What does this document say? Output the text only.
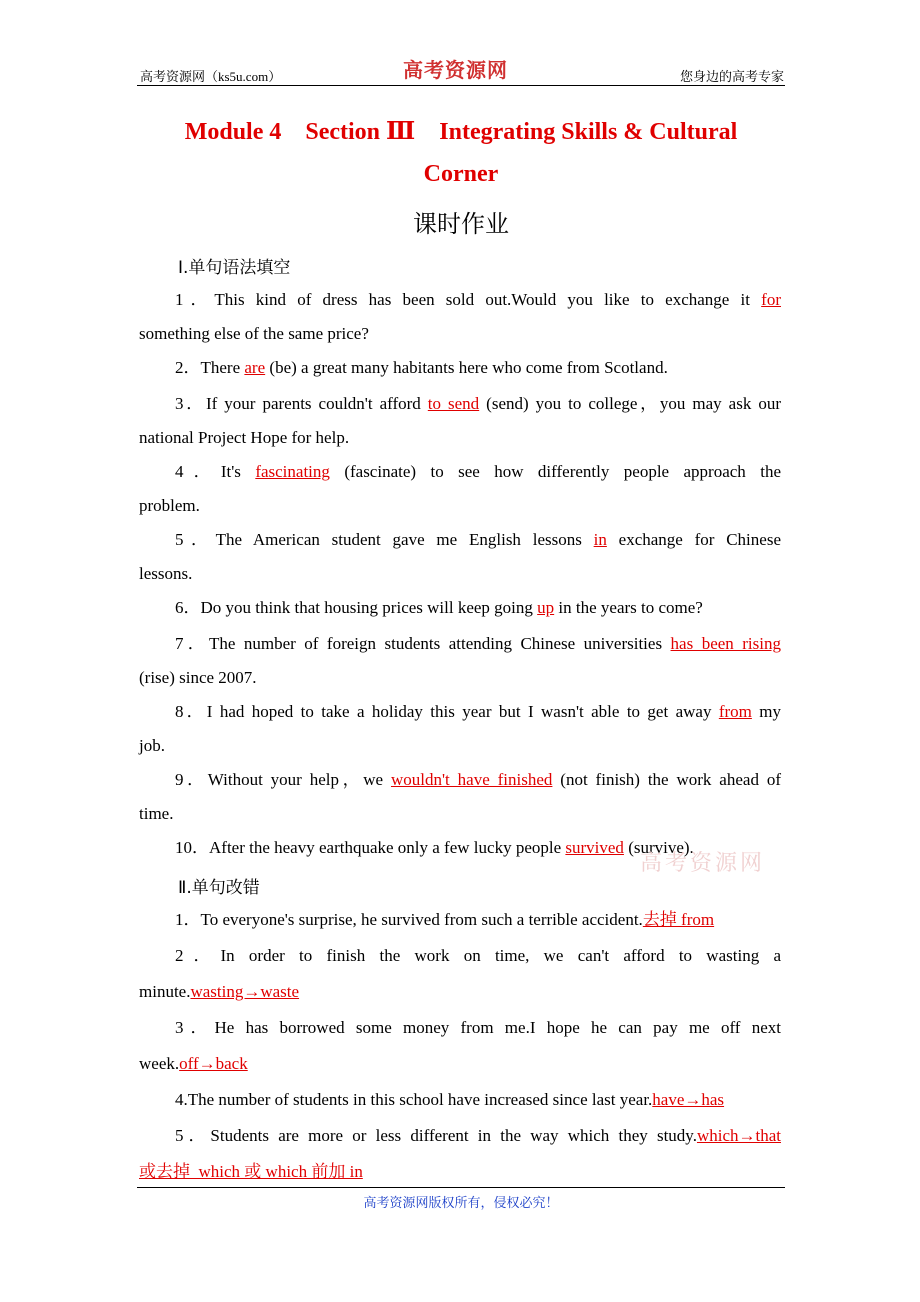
高考资源网（ks5u.com）	高考资源网	您身边的高考专家
Module 4    Section Ⅲ    Integrating Skills & Cultural
Corner
课时作业
Ⅰ.单句语法填空
1．This kind of dress has been sold out.Would you like to exchange it for
something else of the same price?
2．There are (be) a great many habitants here who come from Scotland.
3．If your parents couldn't afford to send (send) you to college，you may ask our
national Project Hope for help.
4．It's fascinating (fascinate) to see how differently people approach the
problem.
5．The American student gave me English lessons in exchange for Chinese
lessons.
6．Do you think that housing prices will keep going up in the years to come?
7．The number of foreign students attending Chinese universities has been rising
(rise) since 2007.
8．I had hoped to take a holiday this year but I wasn't able to get away from my
job.
9．Without your help，we wouldn't have finished (not finish) the work ahead of
time.
10．After the heavy earthquake only a few lucky people survived (survive).
高考资源网
Ⅱ.单句改错
1．To everyone's surprise, he survived from such a terrible accident.去掉 from
2．In order to finish the work on time, we can't afford to wasting a
minute.wasting→waste
3．He has borrowed some money from me.I hope he can pay me off next
week.off→back
4.The number of students in this school have increased since last year.have→has
5．Students are more or less different in the way which they study.which→that
或去掉  which 或 which 前加 in
高考资源网版权所有，侵权必究！
